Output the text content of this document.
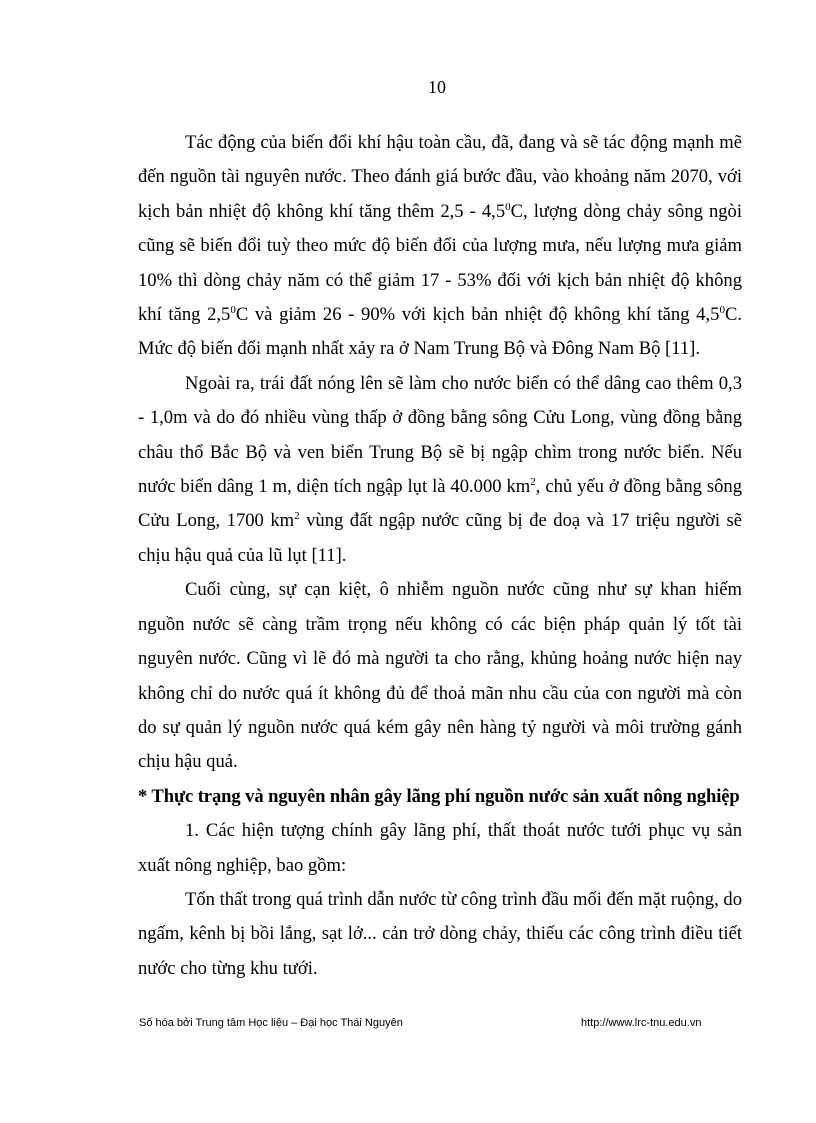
10

Tác động của biến đổi khí hậu toàn cầu, đã, đang và sẽ tác động mạnh mẽ đến nguồn tài nguyên nước. Theo đánh giá bước đầu, vào khoảng năm 2070, với kịch bản nhiệt độ không khí tăng thêm $2,5 - 4,5^0C$, lượng dòng chảy sông ngòi cũng sẽ biến đổi tuỳ theo mức độ biến đổi của lượng mưa, nếu lượng mưa giảm 10% thì dòng chảy năm có thể giảm 17 - 53% đối với kịch bản nhiệt độ không khí tăng $2,5^0C$ và giảm 26 - 90% với kịch bản nhiệt độ không khí tăng $4,5^0C$. Mức độ biến đổi mạnh nhất xảy ra ở Nam Trung Bộ và Đông Nam Bộ [11].

Ngoài ra, trái đất nóng lên sẽ làm cho nước biển có thể dâng cao thêm 0,3 - 1,0m và do đó nhiều vùng thấp ở đồng bằng sông Cửu Long, vùng đồng bằng châu thổ Bắc Bộ và ven biển Trung Bộ sẽ bị ngập chìm trong nước biển. Nếu nước biển dâng 1 m, diện tích ngập lụt là 40.000 $km^2$, chủ yếu ở đồng bằng sông Cửu Long, 1700 $km^2$ vùng đất ngập nước cũng bị đe doạ và 17 triệu người sẽ chịu hậu quả của lũ lụt [11].

Cuối cùng, sự cạn kiệt, ô nhiễm nguồn nước cũng như sự khan hiếm nguồn nước sẽ càng trầm trọng nếu không có các biện pháp quản lý tốt tài nguyên nước. Cũng vì lẽ đó mà người ta cho rằng, khủng hoảng nước hiện nay không chỉ do nước quá ít không đủ để thoả mãn nhu cầu của con người mà còn do sự quản lý nguồn nước quá kém gây nên hàng tỷ người và môi trường gánh chịu hậu quả.

* Thực trạng và nguyên nhân gây lãng phí nguồn nước sản xuất nông nghiệp

1. Các hiện tượng chính gây lãng phí, thất thoát nước tưới phục vụ sản xuất nông nghiệp, bao gồm:

Tổn thất trong quá trình dẫn nước từ công trình đầu mối đến mặt ruộng, do ngấm, kênh bị bồi lắng, sạt lở... cản trở dòng chảy, thiếu các công trình điều tiết nước cho từng khu tưới.

Số hóa bởi Trung tâm Học liệu – Đại học Thái Nguyên	http://www.lrc-tnu.edu.vn
